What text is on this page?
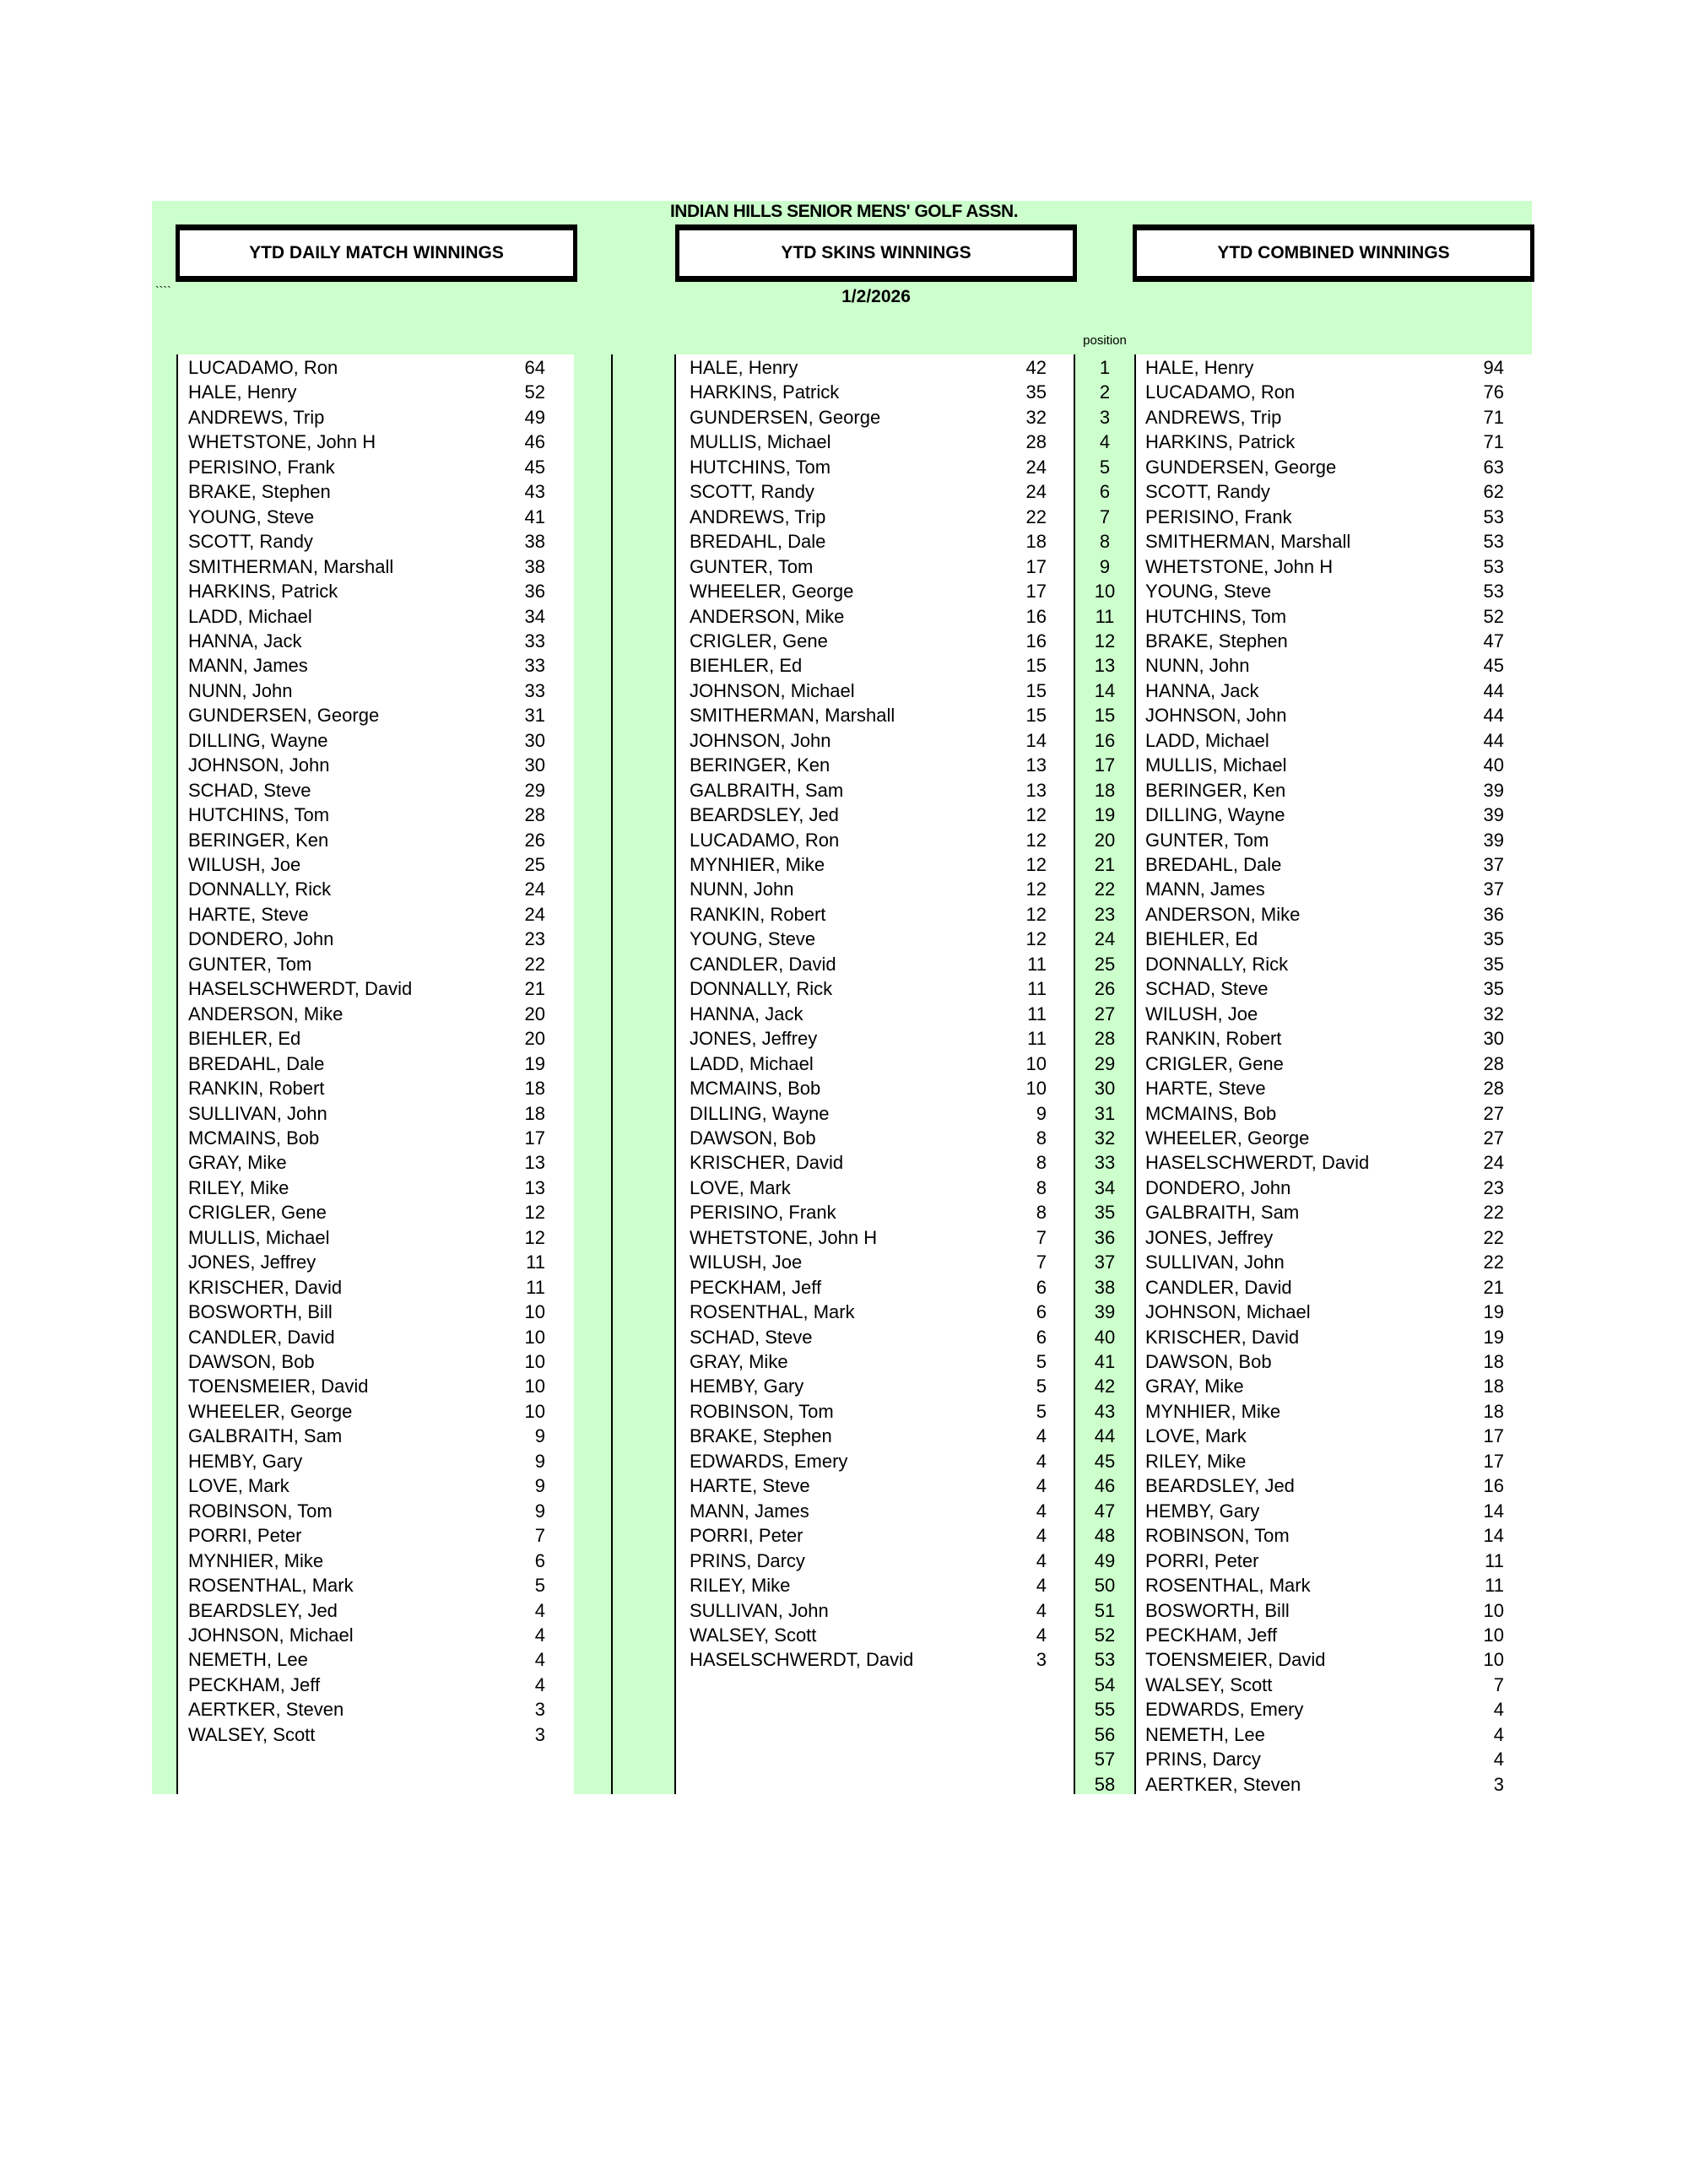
INDIAN HILLS SENIOR MENS' GOLF ASSN.
YTD DAILY MATCH WINNINGS	YTD SKINS WINNINGS	YTD COMBINED WINNINGS
````	1/2/2026
position
LUCADAMO, Ron	64
HALE, Henry	52
ANDREWS, Trip	49
WHETSTONE, John H	46
PERISINO, Frank	45
BRAKE, Stephen	43
YOUNG, Steve	41
SCOTT, Randy	38
SMITHERMAN, Marshall	38
HARKINS, Patrick	36
LADD, Michael	34
HANNA, Jack	33
MANN, James	33
NUNN, John	33
GUNDERSEN, George	31
DILLING, Wayne	30
JOHNSON, John	30
SCHAD, Steve	29
HUTCHINS, Tom	28
BERINGER, Ken	26
WILUSH, Joe	25
DONNALLY, Rick	24
HARTE, Steve	24
DONDERO, John	23
GUNTER, Tom	22
HASELSCHWERDT, David	21
ANDERSON, Mike	20
BIEHLER, Ed	20
BREDAHL, Dale	19
RANKIN, Robert	18
SULLIVAN, John	18
MCMAINS, Bob	17
GRAY, Mike	13
RILEY, Mike	13
CRIGLER, Gene	12
MULLIS, Michael	12
JONES, Jeffrey	11
KRISCHER, David	11
BOSWORTH, Bill	10
CANDLER, David	10
DAWSON, Bob	10
TOENSMEIER, David	10
WHEELER, George	10
GALBRAITH, Sam	9
HEMBY, Gary	9
LOVE, Mark	9
ROBINSON, Tom	9
PORRI, Peter	7
MYNHIER, Mike	6
ROSENTHAL, Mark	5
BEARDSLEY, Jed	4
JOHNSON, Michael	4
NEMETH, Lee	4
PECKHAM, Jeff	4
AERTKER, Steven	3
WALSEY, Scott	3
HALE, Henry	42
HARKINS, Patrick	35
GUNDERSEN, George	32
MULLIS, Michael	28
HUTCHINS, Tom	24
SCOTT, Randy	24
ANDREWS, Trip	22
BREDAHL, Dale	18
GUNTER, Tom	17
WHEELER, George	17
ANDERSON, Mike	16
CRIGLER, Gene	16
BIEHLER, Ed	15
JOHNSON, Michael	15
SMITHERMAN, Marshall	15
JOHNSON, John	14
BERINGER, Ken	13
GALBRAITH, Sam	13
BEARDSLEY, Jed	12
LUCADAMO, Ron	12
MYNHIER, Mike	12
NUNN, John	12
RANKIN, Robert	12
YOUNG, Steve	12
CANDLER, David	11
DONNALLY, Rick	11
HANNA, Jack	11
JONES, Jeffrey	11
LADD, Michael	10
MCMAINS, Bob	10
DILLING, Wayne	9
DAWSON, Bob	8
KRISCHER, David	8
LOVE, Mark	8
PERISINO, Frank	8
WHETSTONE, John H	7
WILUSH, Joe	7
PECKHAM, Jeff	6
ROSENTHAL, Mark	6
SCHAD, Steve	6
GRAY, Mike	5
HEMBY, Gary	5
ROBINSON, Tom	5
BRAKE, Stephen	4
EDWARDS, Emery	4
HARTE, Steve	4
MANN, James	4
PORRI, Peter	4
PRINS, Darcy	4
RILEY, Mike	4
SULLIVAN, John	4
WALSEY, Scott	4
HASELSCHWERDT, David	3
1	HALE, Henry	94
2	LUCADAMO, Ron	76
3	ANDREWS, Trip	71
4	HARKINS, Patrick	71
5	GUNDERSEN, George	63
6	SCOTT, Randy	62
7	PERISINO, Frank	53
8	SMITHERMAN, Marshall	53
9	WHETSTONE, John H	53
10	YOUNG, Steve	53
11	HUTCHINS, Tom	52
12	BRAKE, Stephen	47
13	NUNN, John	45
14	HANNA, Jack	44
15	JOHNSON, John	44
16	LADD, Michael	44
17	MULLIS, Michael	40
18	BERINGER, Ken	39
19	DILLING, Wayne	39
20	GUNTER, Tom	39
21	BREDAHL, Dale	37
22	MANN, James	37
23	ANDERSON, Mike	36
24	BIEHLER, Ed	35
25	DONNALLY, Rick	35
26	SCHAD, Steve	35
27	WILUSH, Joe	32
28	RANKIN, Robert	30
29	CRIGLER, Gene	28
30	HARTE, Steve	28
31	MCMAINS, Bob	27
32	WHEELER, George	27
33	HASELSCHWERDT, David	24
34	DONDERO, John	23
35	GALBRAITH, Sam	22
36	JONES, Jeffrey	22
37	SULLIVAN, John	22
38	CANDLER, David	21
39	JOHNSON, Michael	19
40	KRISCHER, David	19
41	DAWSON, Bob	18
42	GRAY, Mike	18
43	MYNHIER, Mike	18
44	LOVE, Mark	17
45	RILEY, Mike	17
46	BEARDSLEY, Jed	16
47	HEMBY, Gary	14
48	ROBINSON, Tom	14
49	PORRI, Peter	11
50	ROSENTHAL, Mark	11
51	BOSWORTH, Bill	10
52	PECKHAM, Jeff	10
53	TOENSMEIER, David	10
54	WALSEY, Scott	7
55	EDWARDS, Emery	4
56	NEMETH, Lee	4
57	PRINS, Darcy	4
58	AERTKER, Steven	3
